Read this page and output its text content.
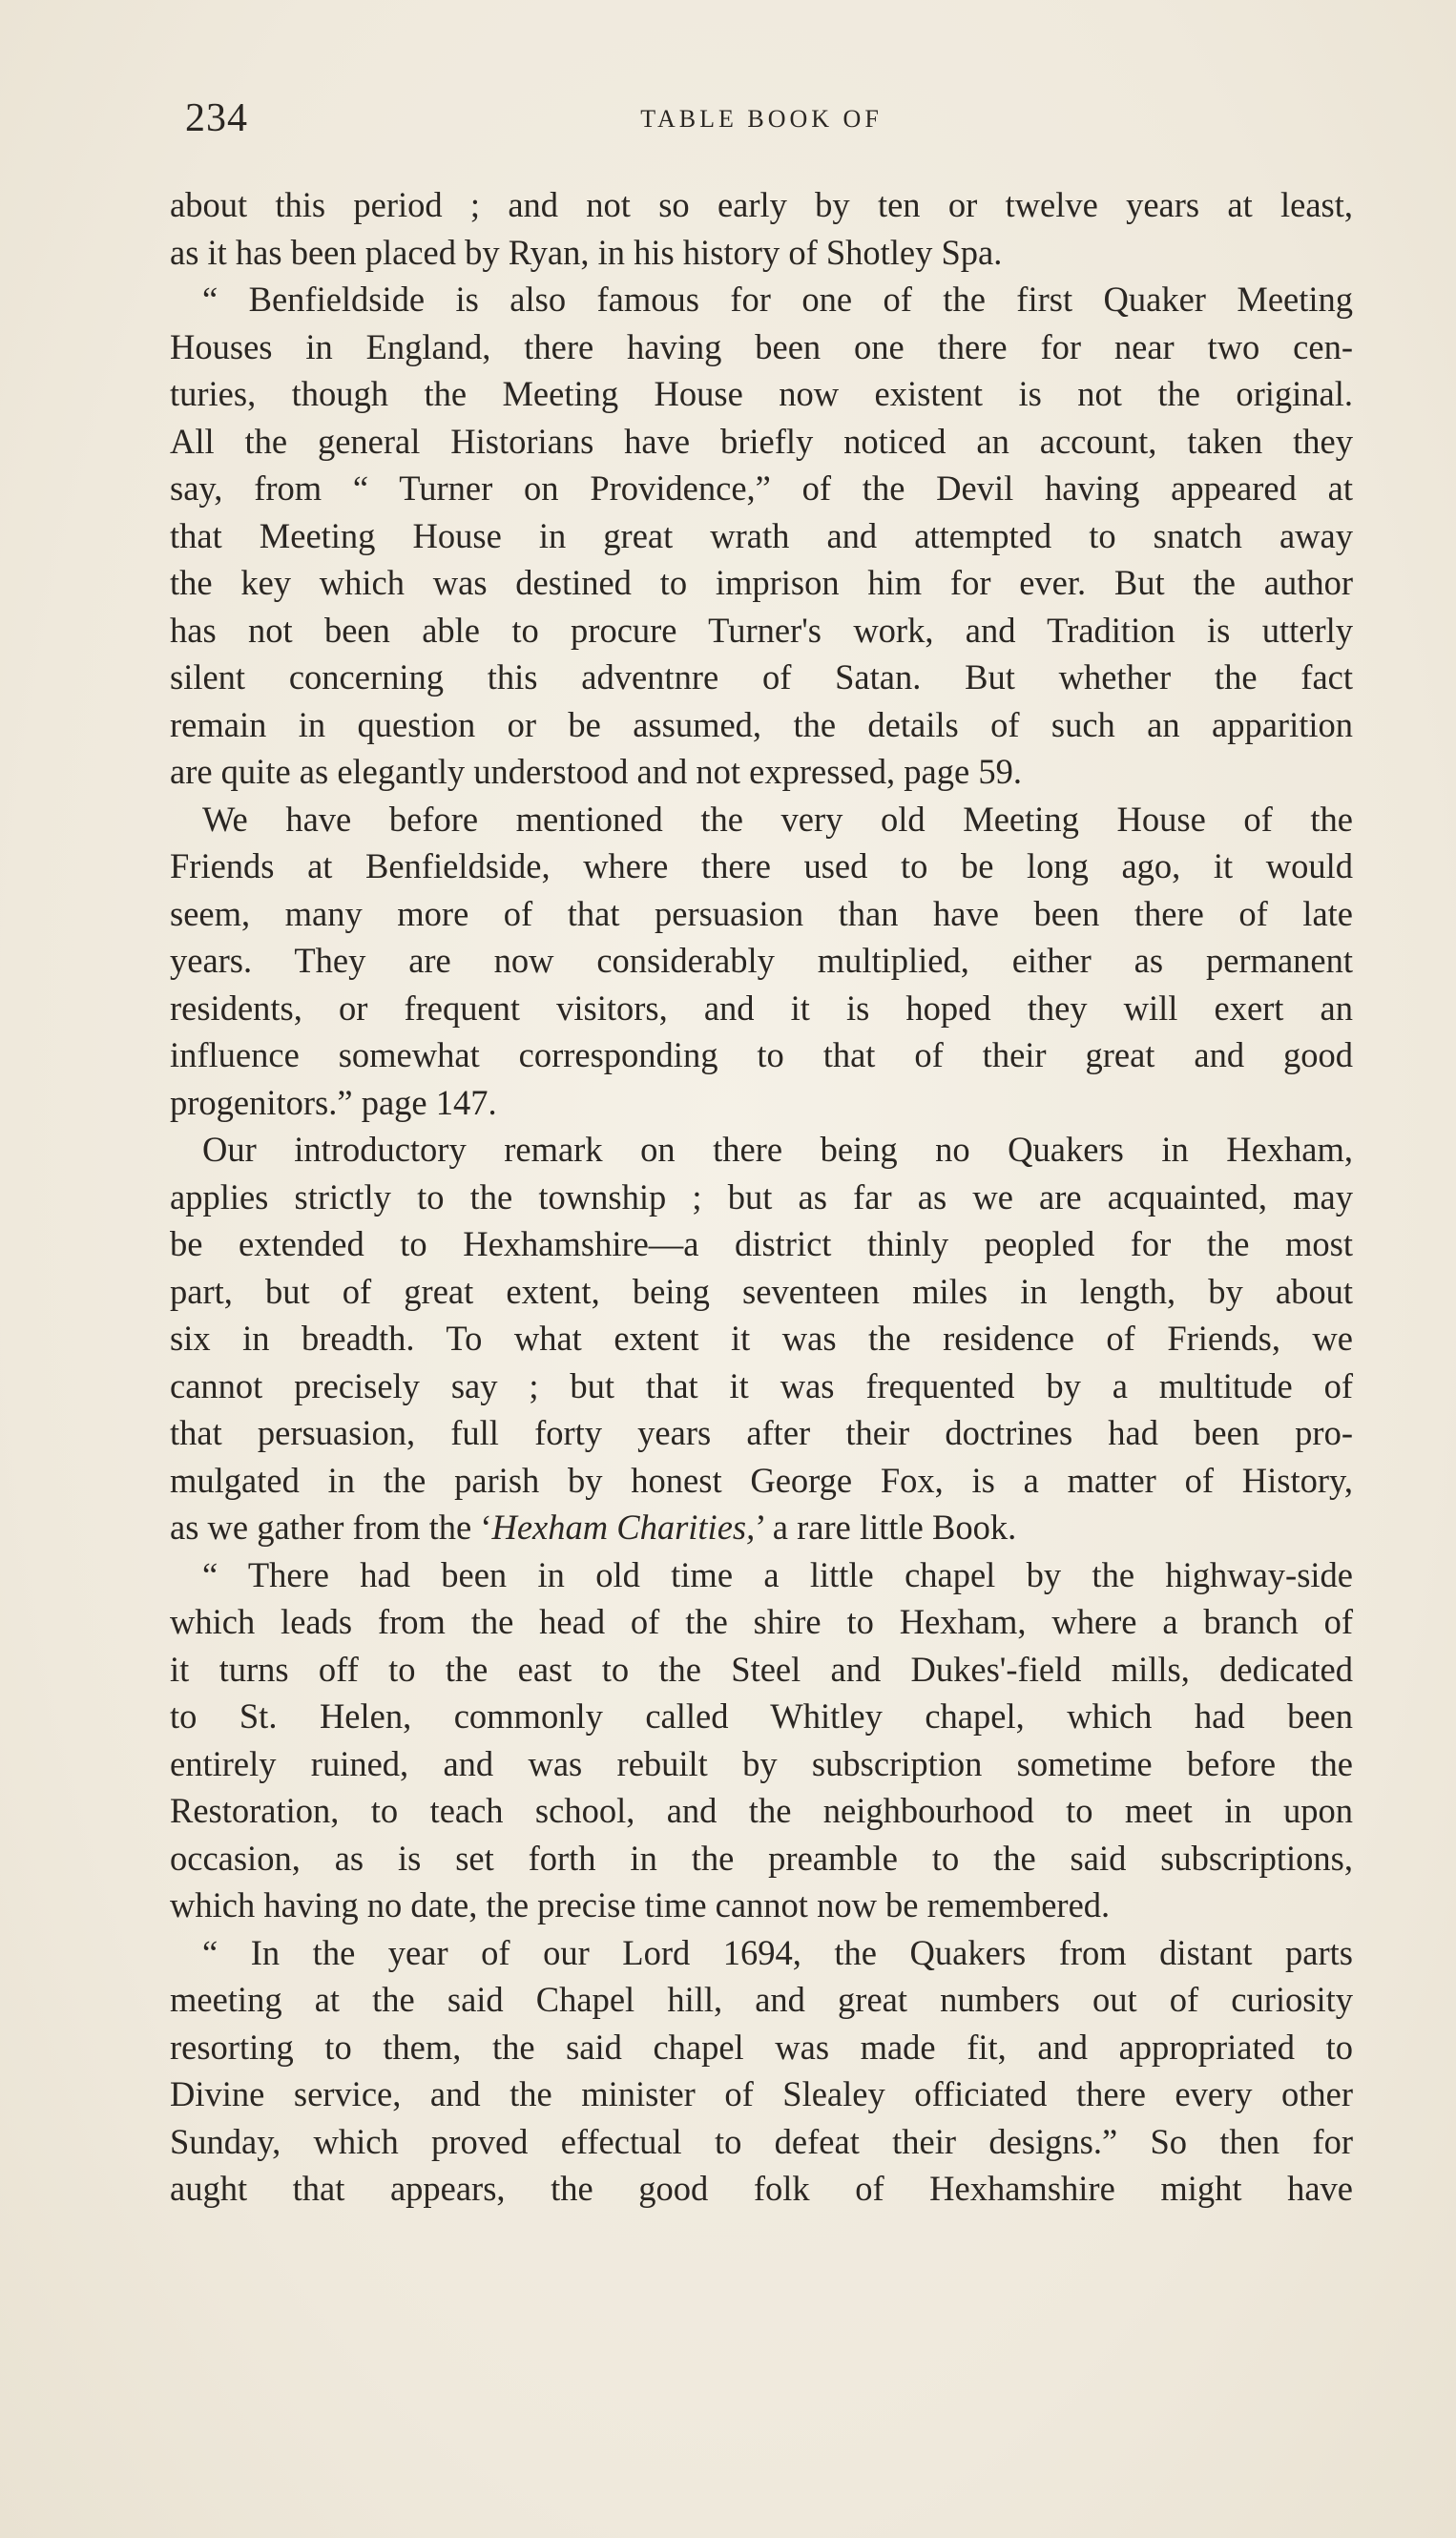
234	TABLE BOOK OF
about this period ; and not so early by ten or twelve years at least,
as it has been placed by Ryan, in his history of Shotley Spa.
“ Benfieldside is also famous for one of the first Quaker Meeting
Houses in England, there having been one there for near two cen-
turies, though the Meeting House now existent is not the original.
All the general Historians have briefly noticed an account, taken they
say, from “ Turner on Providence,” of the Devil having appeared at
that Meeting House in great wrath and attempted to snatch away
the key which was destined to imprison him for ever. But the author
has not been able to procure Turner's work, and Tradition is utterly
silent concerning this adventnre of Satan. But whether the fact
remain in question or be assumed, the details of such an apparition
are quite as elegantly understood and not expressed, page 59.
We have before mentioned the very old Meeting House of the
Friends at Benfieldside, where there used to be long ago, it would
seem, many more of that persuasion than have been there of late
years. They are now considerably multiplied, either as permanent
residents, or frequent visitors, and it is hoped they will exert an
influence somewhat corresponding to that of their great and good
progenitors.” page 147.
Our introductory remark on there being no Quakers in Hexham,
applies strictly to the township ; but as far as we are acquainted, may
be extended to Hexhamshire—a district thinly peopled for the most
part, but of great extent, being seventeen miles in length, by about
six in breadth. To what extent it was the residence of Friends, we
cannot precisely say ; but that it was frequented by a multitude of
that persuasion, full forty years after their doctrines had been pro-
mulgated in the parish by honest George Fox, is a matter of History,
as we gather from the ‘Hexham Charities,’ a rare little Book.
“ There had been in old time a little chapel by the highway-side
which leads from the head of the shire to Hexham, where a branch of
it turns off to the east to the Steel and Dukes'-field mills, dedicated
to St. Helen, commonly called Whitley chapel, which had been
entirely ruined, and was rebuilt by subscription sometime before the
Restoration, to teach school, and the neighbourhood to meet in upon
occasion, as is set forth in the preamble to the said subscriptions,
which having no date, the precise time cannot now be remembered.
“ In the year of our Lord 1694, the Quakers from distant parts
meeting at the said Chapel hill, and great numbers out of curiosity
resorting to them, the said chapel was made fit, and appropriated to
Divine service, and the minister of Slealey officiated there every other
Sunday, which proved effectual to defeat their designs.” So then for
aught that appears, the good folk of Hexhamshire might have
